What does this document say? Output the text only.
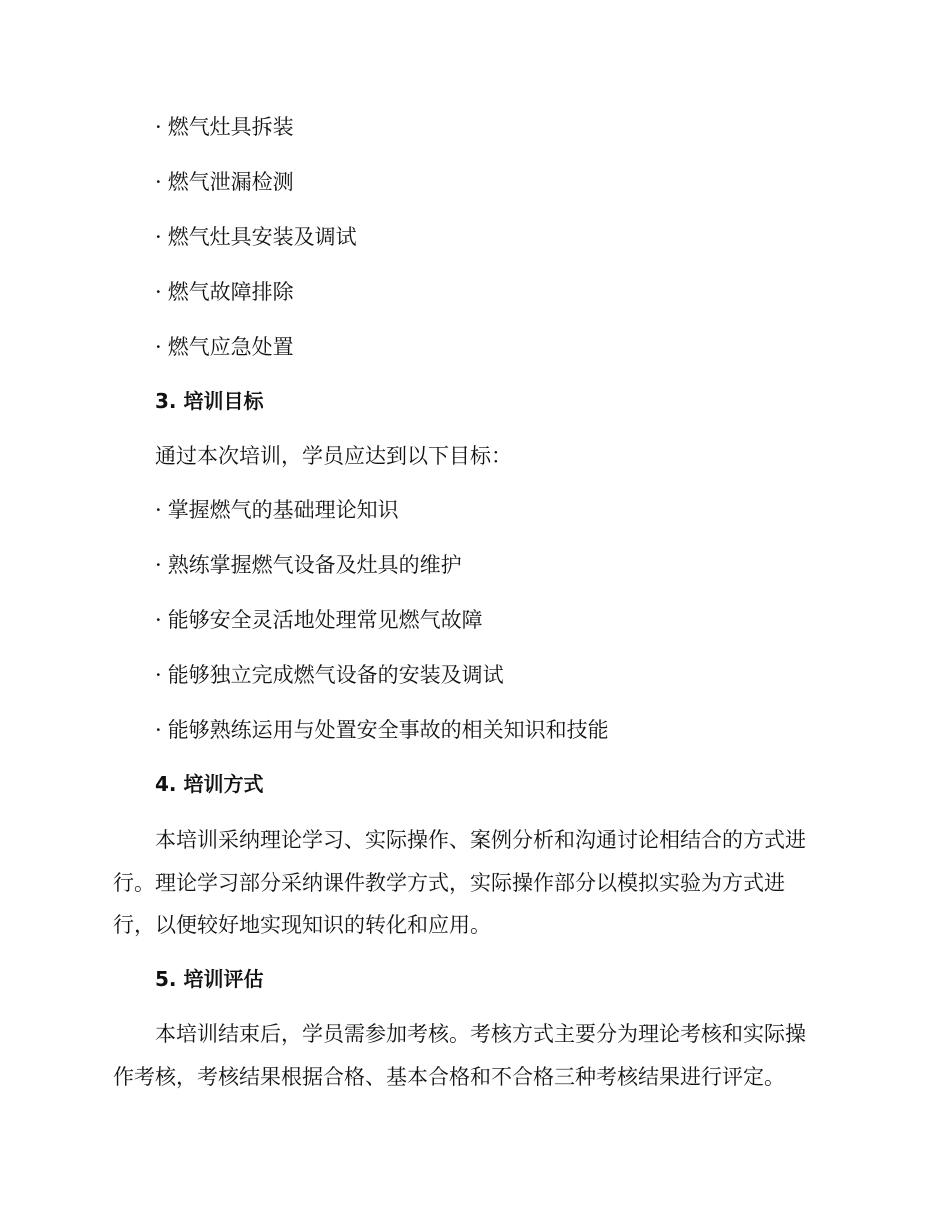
· 燃气灶具拆装
· 燃气泄漏检测
· 燃气灶具安装及调试
· 燃气故障排除
· 燃气应急处置
3. 培训目标
通过本次培训，学员应达到以下目标：
· 掌握燃气的基础理论知识
· 熟练掌握燃气设备及灶具的维护
· 能够安全灵活地处理常见燃气故障
· 能够独立完成燃气设备的安装及调试
· 能够熟练运用与处置安全事故的相关知识和技能
4. 培训方式
本培训采纳理论学习、实际操作、案例分析和沟通讨论相结合的方式进
行。理论学习部分采纳课件教学方式，实际操作部分以模拟实验为方式进
行，以便较好地实现知识的转化和应用。
5. 培训评估
本培训结束后，学员需参加考核。考核方式主要分为理论考核和实际操
作考核，考核结果根据合格、基本合格和不合格三种考核结果进行评定。
